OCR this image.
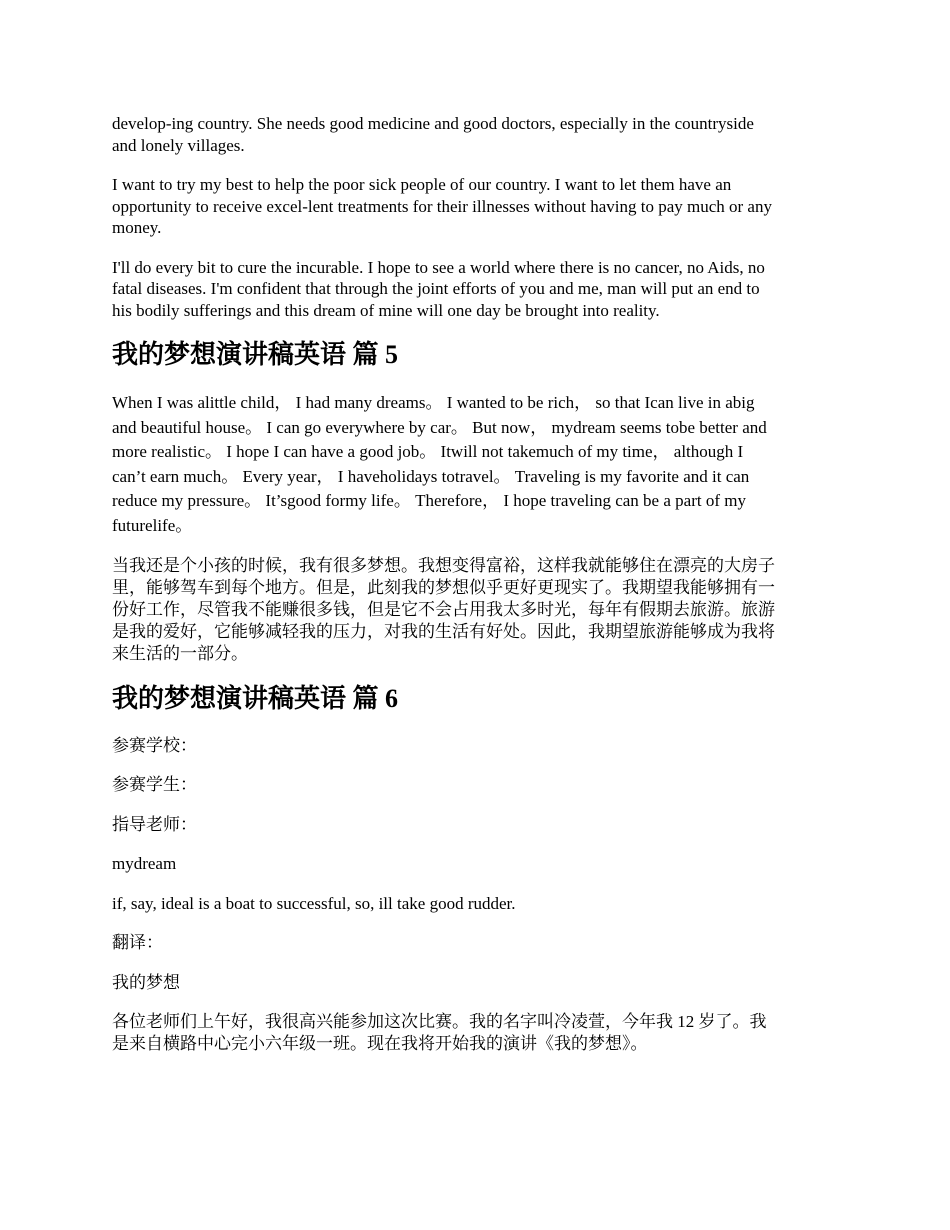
develop-ing country. She needs good medicine and good doctors, especially in the countryside
and lonely villages.

I want to try my best to help the poor sick people of our country. I want to let them have an
opportunity to receive excel-lent treatments for their illnesses without having to pay much or any
money.

I'll do every bit to cure the incurable. I hope to see a world where there is no cancer, no Aids, no
fatal diseases. I'm confident that through the joint efforts of you and me, man will put an end to
his bodily sufferings and this dream of mine will one day be brought into reality.

我的梦想演讲稿英语 篇 5

When I was alittle child， I had many dreams。 I wanted to be rich， so that Ican live in abig
and beautiful house。 I can go everywhere by car。 But now， mydream seems tobe better and
more realistic。 I hope I can have a good job。 Itwill not takemuch of my time， although I
can’t earn much。 Every year， I haveholidays totravel。 Traveling is my favorite and it can
reduce my pressure。 It’sgood formy life。 Therefore， I hope traveling can be a part of my
futurelife。

当我还是个小孩的时候，我有很多梦想。我想变得富裕，这样我就能够住在漂亮的大房子
里，能够驾车到每个地方。但是，此刻我的梦想似乎更好更现实了。我期望我能够拥有一
份好工作，尽管我不能赚很多钱，但是它不会占用我太多时光，每年有假期去旅游。旅游
是我的爱好，它能够减轻我的压力，对我的生活有好处。因此，我期望旅游能够成为我将
来生活的一部分。

我的梦想演讲稿英语 篇 6

参赛学校：

参赛学生：

指导老师：

mydream

if, say, ideal is a boat to successful, so, ill take good rudder.

翻译：

我的梦想

各位老师们上午好，我很高兴能参加这次比赛。我的名字叫冷凌萱，今年我 12 岁了。我
是来自横路中心完小六年级一班。现在我将开始我的演讲《我的梦想》。
